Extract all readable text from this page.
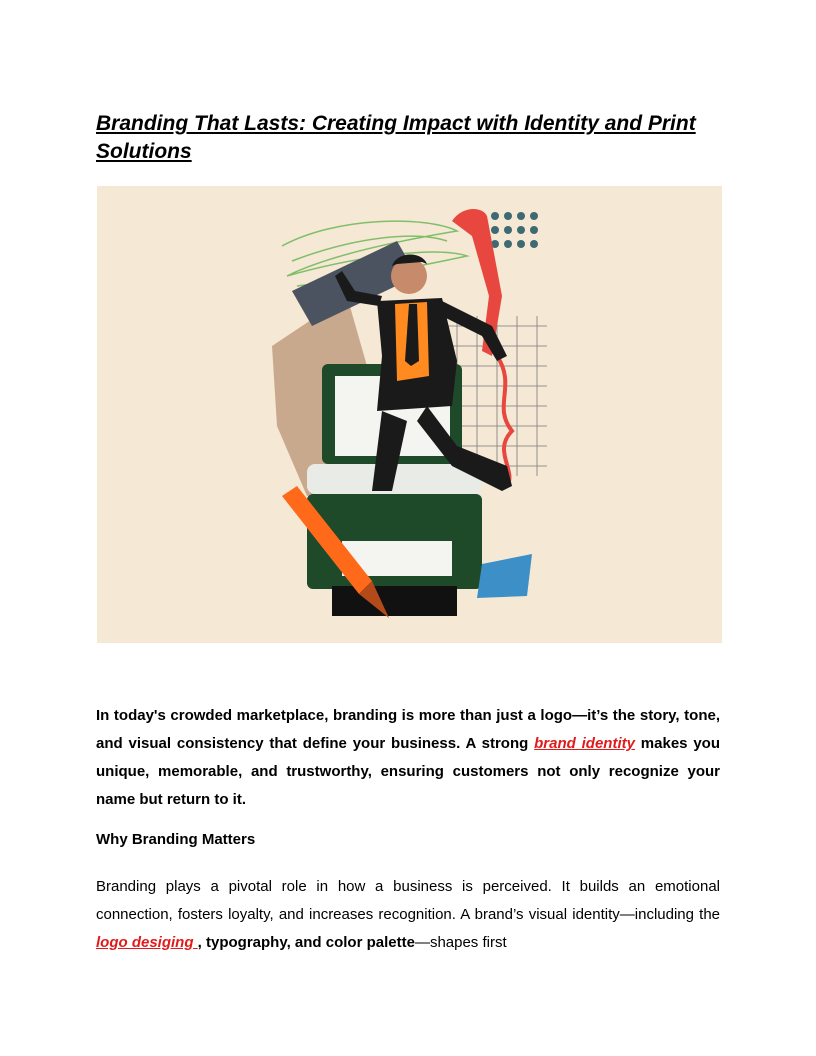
Branding That Lasts: Creating Impact with Identity and Print Solutions

In today's crowded marketplace, branding is more than just a logo—it’s the story, tone, and visual consistency that define your business. A strong brand identity makes you unique, memorable, and trustworthy, ensuring customers not only recognize your name but return to it.

Why Branding Matters

Branding plays a pivotal role in how a business is perceived. It builds an emotional connection, fosters loyalty, and increases recognition. A brand’s visual identity—including the logo desiging , typography, and color palette—shapes first
